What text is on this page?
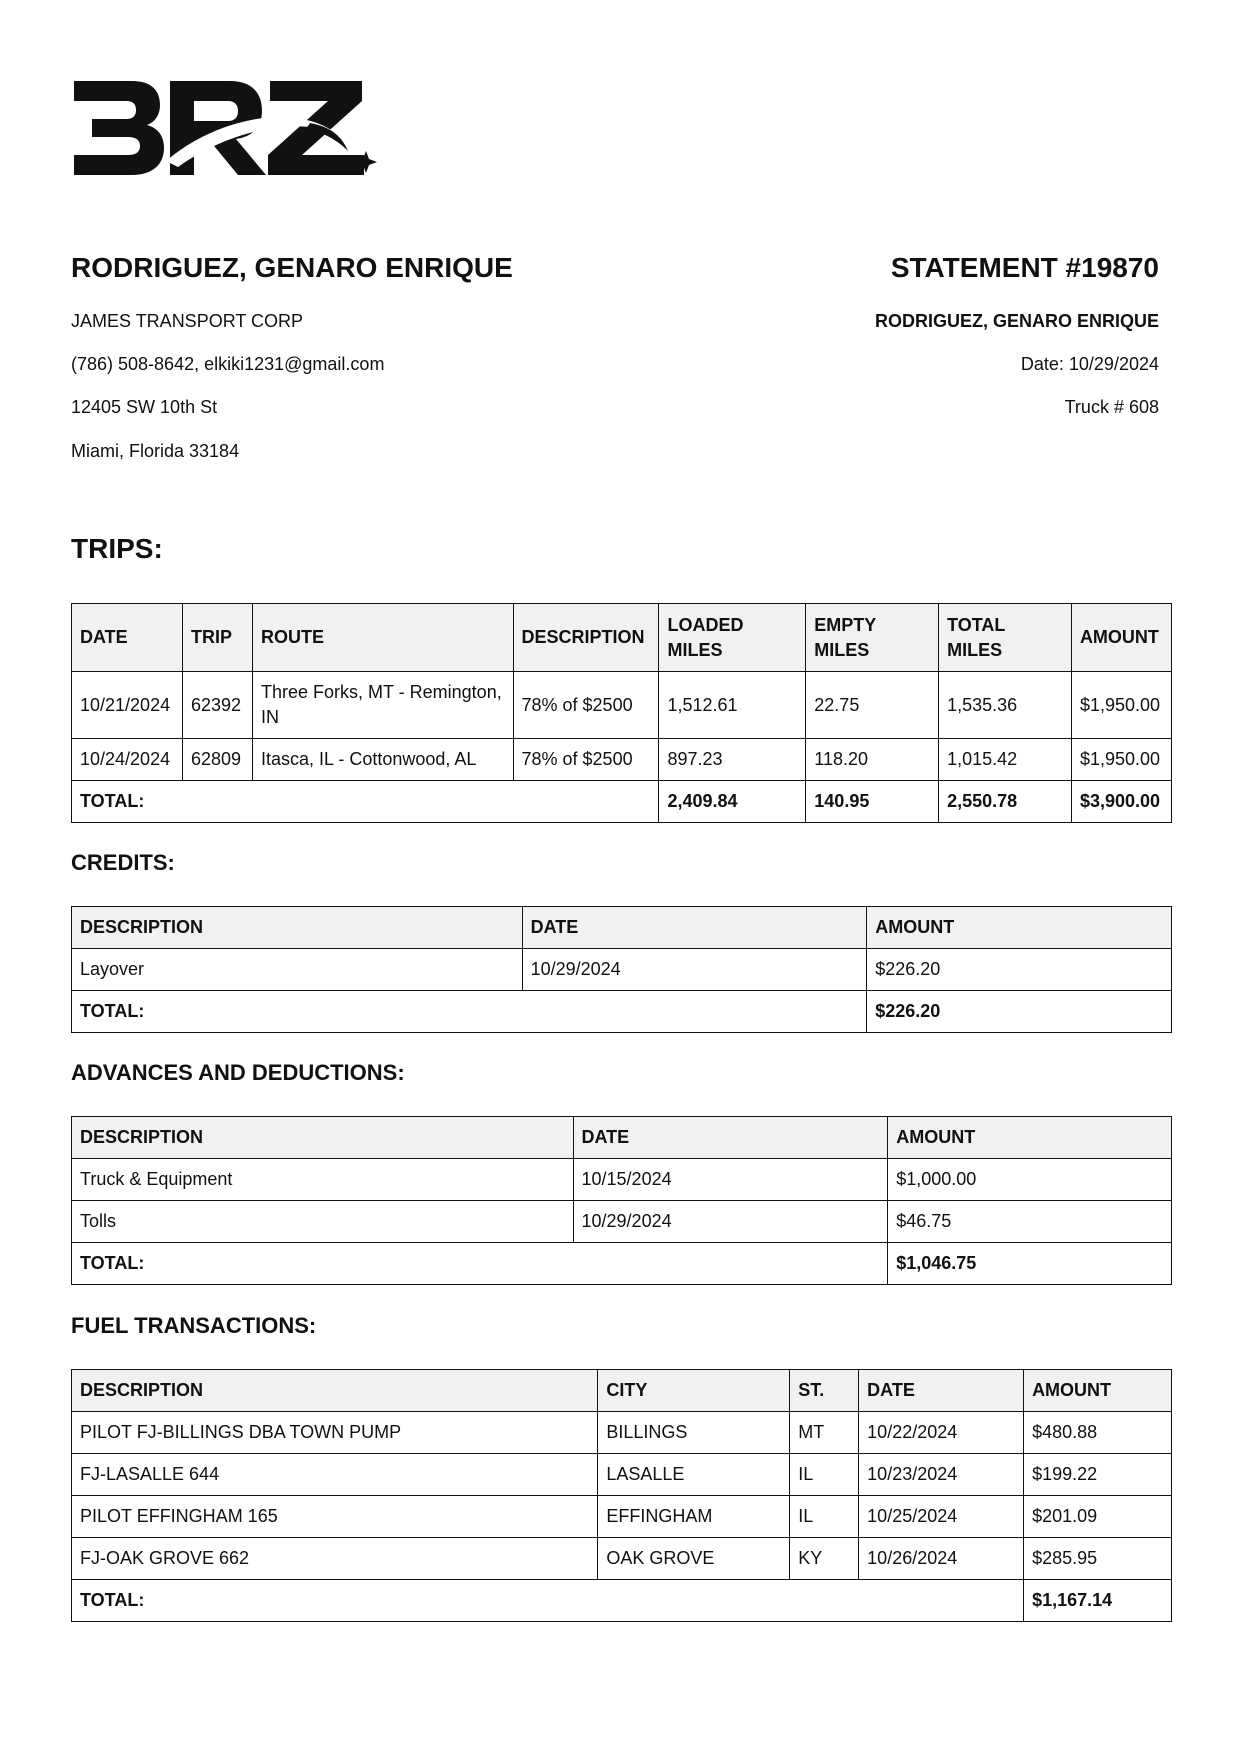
RODRIGUEZ, GENARO ENRIQUE	STATEMENT #19870
JAMES TRANSPORT CORP
(786) 508-8642, elkiki1231@gmail.com
12405 SW 10th St
Miami, Florida 33184
RODRIGUEZ, GENARO ENRIQUE
Date: 10/29/2024
Truck # 608
TRIPS:
DATE	TRIP	ROUTE	DESCRIPTION	LOADED MILES	EMPTY MILES	TOTAL MILES	AMOUNT
10/21/2024	62392	Three Forks, MT - Remington, IN	78% of $2500	1,512.61	22.75	1,535.36	$1,950.00
10/24/2024	62809	Itasca, IL - Cottonwood, AL	78% of $2500	897.23	118.20	1,015.42	$1,950.00
TOTAL:				2,409.84	140.95	2,550.78	$3,900.00
CREDITS:
DESCRIPTION	DATE	AMOUNT
Layover	10/29/2024	$226.20
TOTAL:		$226.20
ADVANCES AND DEDUCTIONS:
DESCRIPTION	DATE	AMOUNT
Truck & Equipment	10/15/2024	$1,000.00
Tolls	10/29/2024	$46.75
TOTAL:		$1,046.75
FUEL TRANSACTIONS:
DESCRIPTION	CITY	ST.	DATE	AMOUNT
PILOT FJ-BILLINGS DBA TOWN PUMP	BILLINGS	MT	10/22/2024	$480.88
FJ-LASALLE 644	LASALLE	IL	10/23/2024	$199.22
PILOT EFFINGHAM 165	EFFINGHAM	IL	10/25/2024	$201.09
FJ-OAK GROVE 662	OAK GROVE	KY	10/26/2024	$285.95
TOTAL:				$1,167.14
